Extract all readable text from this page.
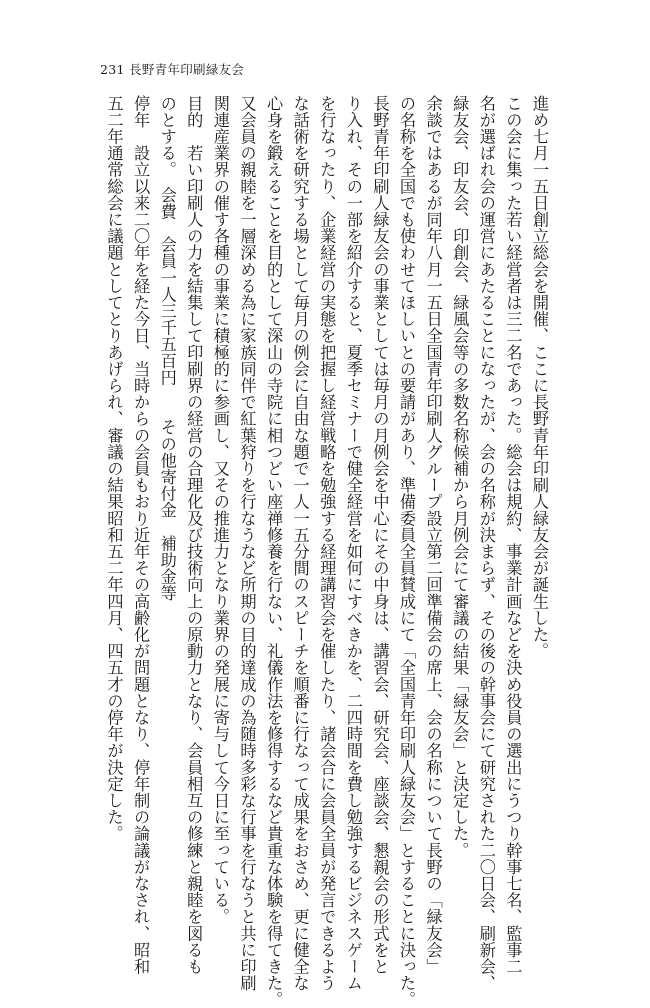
231 長野青年印刷緑友会
進め七月一五日創立総会を開催、ここに長野青年印刷人緑友会が誕生した。
この会に集った若い経営者は三二名であった。総会は規約、事業計画などを決め役員の選出にうつり幹事七名、監事二
名が選ばれ会の運営にあたることになったが、会の名称が決まらず、その後の幹事会にて研究された二〇日会、刷新会、
緑友会、印友会、印創会、緑風会等の多数名称候補から月例会にて審議の結果「緑友会」と決定した。
余談ではあるが同年八月一五日全国青年印刷人グループ設立第二回準備会の席上、会の名称について長野の「緑友会」
の名称を全国でも使わせてほしいとの要請があり、準備委員全員賛成にて「全国青年印刷人緑友会」とすることに決った。
長野青年印刷人緑友会の事業としては毎月の月例会を中心にその中身は、講習会、研究会、座談会、懇親会の形式をと
り入れ、その一部を紹介すると、夏季セミナーで健全経営を如何にすべきかを、二四時間を費し勉強するビジネスゲーム
を行なったり、企業経営の実態を把握し経営戦略を勉強する経理講習会を催したり、諸会合に会員全員が発言できるよう
な話術を研究する場として毎月の例会に自由な題で一人一五分間のスピーチを順番に行なって成果をおさめ、更に健全な
心身を鍛えることを目的として深山の寺院に相つどい座禅修養を行ない、礼儀作法を修得するなど貴重な体験を得てきた。
又会員の親睦を一層深める為に家族同伴で紅葉狩りを行なうなど所期の目的達成の為随時多彩な行事を行なうと共に印刷
関連産業界の催す各種の事業に積極的に参画し、又その推進力となり業界の発展に寄与して今日に至っている。
目的　若い印刷人の力を結集して印刷界の経営の合理化及び技術向上の原動力となり、会員相互の修練と親睦を図るも
のとする。　会費　会員一人三千五百円　　その他寄付金　補助金等
停年　設立以来二〇年を経た今日、当時からの会員もおり近年その高齢化が問題となり、停年制の論議がなされ、昭和
五二年通常総会に議題としてとりあげられ、審議の結果昭和五二年四月、四五才の停年が決定した。
